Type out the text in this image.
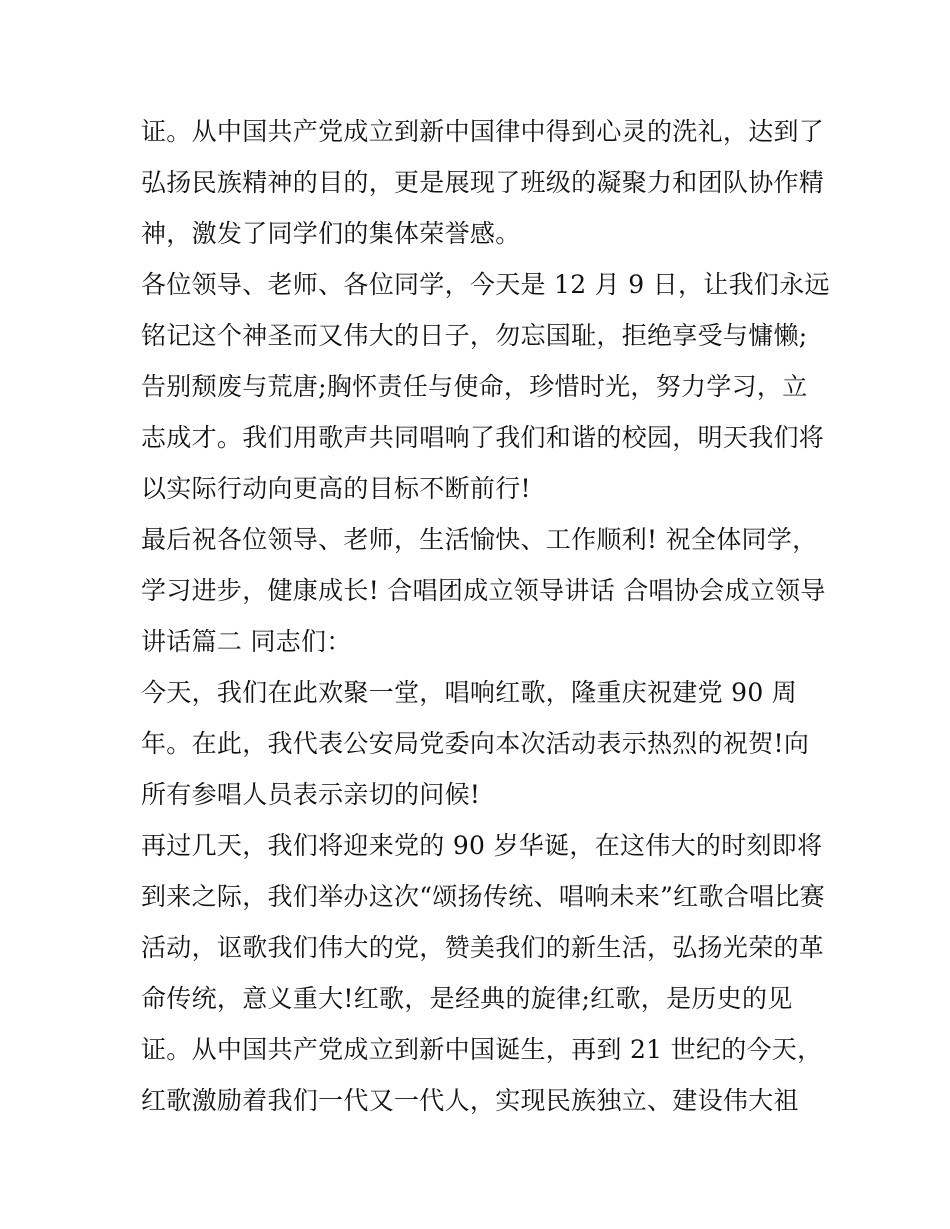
证。从中国共产党成立到新中国律中得到心灵的洗礼，达到了
弘扬民族精神的目的，更是展现了班级的凝聚力和团队协作精
神，激发了同学们的集体荣誉感。
各位领导、老师、各位同学，今天是 12 月 9 日，让我们永远
铭记这个神圣而又伟大的日子，勿忘国耻，拒绝享受与慵懒;
告别颓废与荒唐;胸怀责任与使命，珍惜时光，努力学习，立
志成才。我们用歌声共同唱响了我们和谐的校园，明天我们将
以实际行动向更高的目标不断前行!
最后祝各位领导、老师，生活愉快、工作顺利! 祝全体同学，
学习进步，健康成长! 合唱团成立领导讲话 合唱协会成立领导
讲话篇二 同志们：
今天，我们在此欢聚一堂，唱响红歌，隆重庆祝建党 90 周
年。在此，我代表公安局党委向本次活动表示热烈的祝贺!向
所有参唱人员表示亲切的问候!
再过几天，我们将迎来党的 90 岁华诞，在这伟大的时刻即将
到来之际，我们举办这次“颂扬传统、唱响未来”红歌合唱比赛
活动，讴歌我们伟大的党，赞美我们的新生活，弘扬光荣的革
命传统，意义重大!红歌，是经典的旋律;红歌，是历史的见
证。从中国共产党成立到新中国诞生，再到 21 世纪的今天，
红歌激励着我们一代又一代人，实现民族独立、建设伟大祖
